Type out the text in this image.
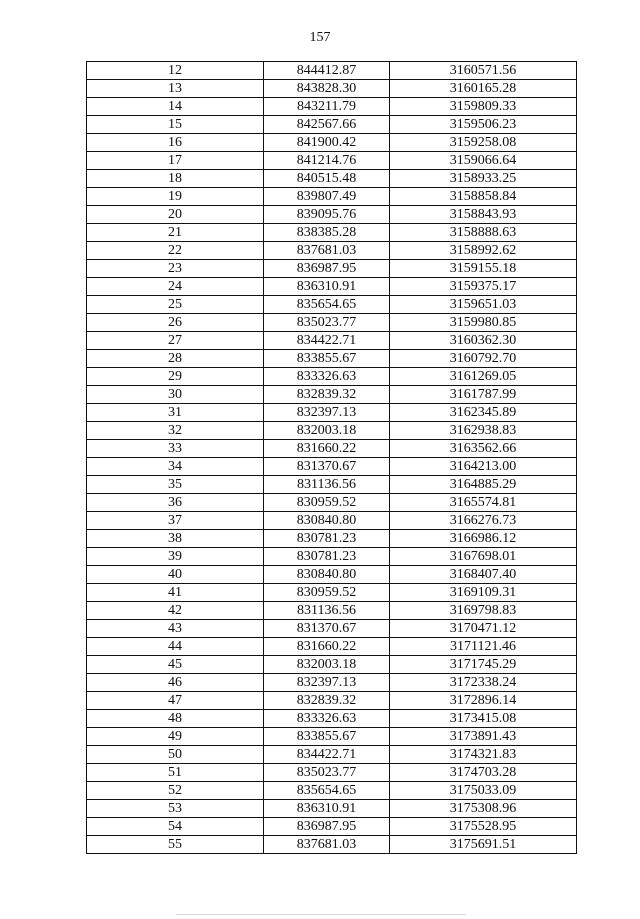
157
12	844412.87	3160571.56
13	843828.30	3160165.28
14	843211.79	3159809.33
15	842567.66	3159506.23
16	841900.42	3159258.08
17	841214.76	3159066.64
18	840515.48	3158933.25
19	839807.49	3158858.84
20	839095.76	3158843.93
21	838385.28	3158888.63
22	837681.03	3158992.62
23	836987.95	3159155.18
24	836310.91	3159375.17
25	835654.65	3159651.03
26	835023.77	3159980.85
27	834422.71	3160362.30
28	833855.67	3160792.70
29	833326.63	3161269.05
30	832839.32	3161787.99
31	832397.13	3162345.89
32	832003.18	3162938.83
33	831660.22	3163562.66
34	831370.67	3164213.00
35	831136.56	3164885.29
36	830959.52	3165574.81
37	830840.80	3166276.73
38	830781.23	3166986.12
39	830781.23	3167698.01
40	830840.80	3168407.40
41	830959.52	3169109.31
42	831136.56	3169798.83
43	831370.67	3170471.12
44	831660.22	3171121.46
45	832003.18	3171745.29
46	832397.13	3172338.24
47	832839.32	3172896.14
48	833326.63	3173415.08
49	833855.67	3173891.43
50	834422.71	3174321.83
51	835023.77	3174703.28
52	835654.65	3175033.09
53	836310.91	3175308.96
54	836987.95	3175528.95
55	837681.03	3175691.51
